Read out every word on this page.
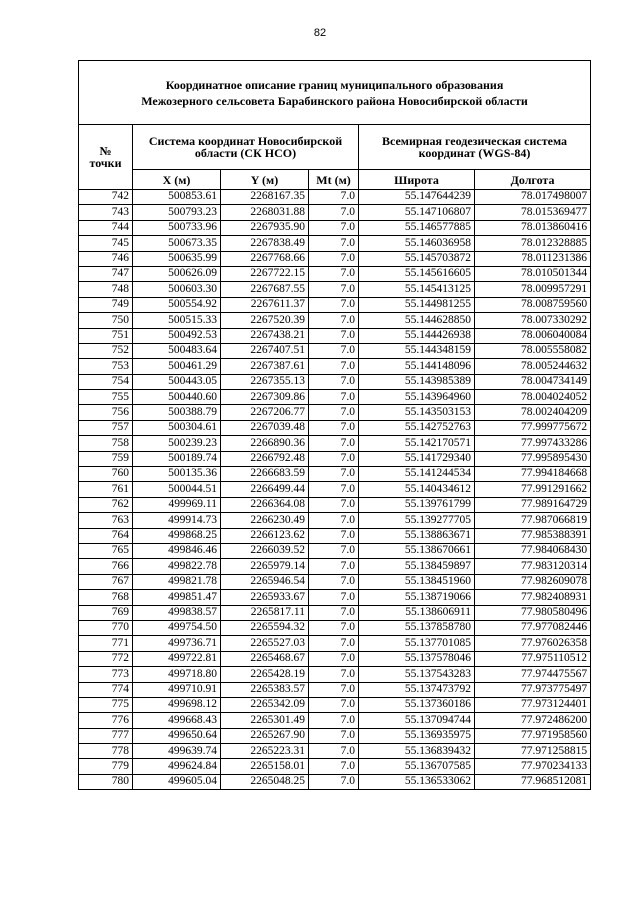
82
Координатное описание границ муниципального образования
Межозерного сельсовета Барабинского района Новосибирской области					

№ точки	Система координат Новосибирской области (СК НСО)			Всемирная геодезическая система координат (WGS-84)	
	X (м)	Y (м)	Mt (м)	Широта	Долгота
742	500853.61	2268167.35	7.0	55.147644239	78.017498007
743	500793.23	2268031.88	7.0	55.147106807	78.015369477
744	500733.96	2267935.90	7.0	55.146577885	78.013860416
745	500673.35	2267838.49	7.0	55.146036958	78.012328885
746	500635.99	2267768.66	7.0	55.145703872	78.011231386
747	500626.09	2267722.15	7.0	55.145616605	78.010501344
748	500603.30	2267687.55	7.0	55.145413125	78.009957291
749	500554.92	2267611.37	7.0	55.144981255	78.008759560
750	500515.33	2267520.39	7.0	55.144628850	78.007330292
751	500492.53	2267438.21	7.0	55.144426938	78.006040084
752	500483.64	2267407.51	7.0	55.144348159	78.005558082
753	500461.29	2267387.61	7.0	55.144148096	78.005244632
754	500443.05	2267355.13	7.0	55.143985389	78.004734149
755	500440.60	2267309.86	7.0	55.143964960	78.004024052
756	500388.79	2267206.77	7.0	55.143503153	78.002404209
757	500304.61	2267039.48	7.0	55.142752763	77.999775672
758	500239.23	2266890.36	7.0	55.142170571	77.997433286
759	500189.74	2266792.48	7.0	55.141729340	77.995895430
760	500135.36	2266683.59	7.0	55.141244534	77.994184668
761	500044.51	2266499.44	7.0	55.140434612	77.991291662
762	499969.11	2266364.08	7.0	55.139761799	77.989164729
763	499914.73	2266230.49	7.0	55.139277705	77.987066819
764	499868.25	2266123.62	7.0	55.138863671	77.985388391
765	499846.46	2266039.52	7.0	55.138670661	77.984068430
766	499822.78	2265979.14	7.0	55.138459897	77.983120314
767	499821.78	2265946.54	7.0	55.138451960	77.982609078
768	499851.47	2265933.67	7.0	55.138719066	77.982408931
769	499838.57	2265817.11	7.0	55.138606911	77.980580496
770	499754.50	2265594.32	7.0	55.137858780	77.977082446
771	499736.71	2265527.03	7.0	55.137701085	77.976026358
772	499722.81	2265468.67	7.0	55.137578046	77.975110512
773	499718.80	2265428.19	7.0	55.137543283	77.974475567
774	499710.91	2265383.57	7.0	55.137473792	77.973775497
775	499698.12	2265342.09	7.0	55.137360186	77.973124401
776	499668.43	2265301.49	7.0	55.137094744	77.972486200
777	499650.64	2265267.90	7.0	55.136935975	77.971958560
778	499639.74	2265223.31	7.0	55.136839432	77.971258815
779	499624.84	2265158.01	7.0	55.136707585	77.970234133
780	499605.04	2265048.25	7.0	55.136533062	77.968512081
